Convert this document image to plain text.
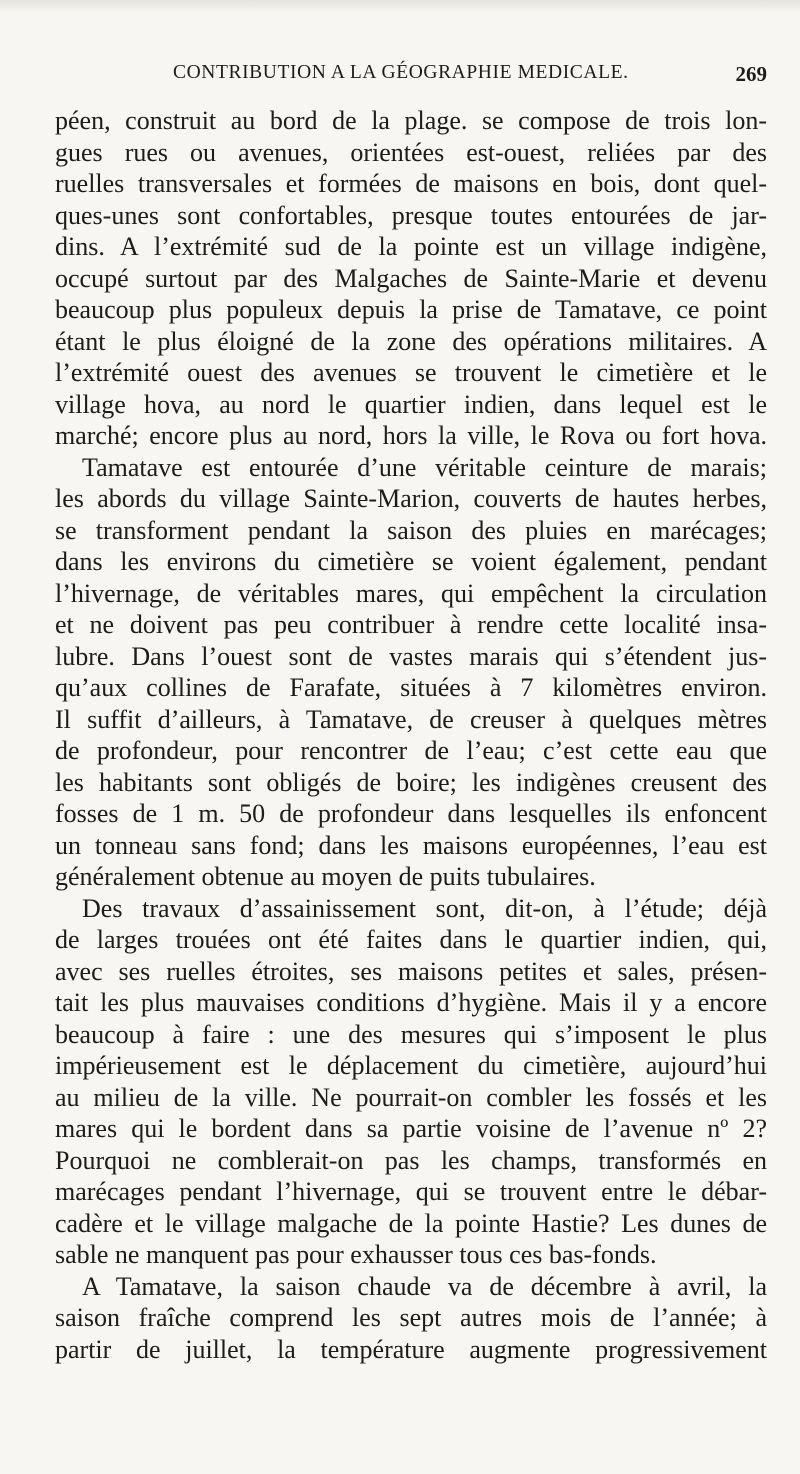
CONTRIBUTION A LA GÉOGRAPHIE MEDICALE.	269
péen, construit au bord de la plage. se compose de trois lon-
gues rues ou avenues, orientées est-ouest, reliées par des
ruelles transversales et formées de maisons en bois, dont quel-
ques-unes sont confortables, presque toutes entourées de jar-
dins. A l’extrémité sud de la pointe est un village indigène,
occupé surtout par des Malgaches de Sainte-Marie et devenu
beaucoup plus populeux depuis la prise de Tamatave, ce point
étant le plus éloigné de la zone des opérations militaires. A
l’extrémité ouest des avenues se trouvent le cimetière et le
village hova, au nord le quartier indien, dans lequel est le
marché; encore plus au nord, hors la ville, le Rova ou fort hova.
Tamatave est entourée d’une véritable ceinture de marais;
les abords du village Sainte-Marion, couverts de hautes herbes,
se transforment pendant la saison des pluies en marécages;
dans les environs du cimetière se voient également, pendant
l’hivernage, de véritables mares, qui empêchent la circulation
et ne doivent pas peu contribuer à rendre cette localité insa-
lubre. Dans l’ouest sont de vastes marais qui s’étendent jus-
qu’aux collines de Farafate, situées à 7 kilomètres environ.
Il suffit d’ailleurs, à Tamatave, de creuser à quelques mètres
de profondeur, pour rencontrer de l’eau; c’est cette eau que
les habitants sont obligés de boire; les indigènes creusent des
fosses de 1 m. 50 de profondeur dans lesquelles ils enfoncent
un tonneau sans fond; dans les maisons européennes, l’eau est
généralement obtenue au moyen de puits tubulaires.
Des travaux d’assainissement sont, dit-on, à l’étude; déjà
de larges trouées ont été faites dans le quartier indien, qui,
avec ses ruelles étroites, ses maisons petites et sales, présen-
tait les plus mauvaises conditions d’hygiène. Mais il y a encore
beaucoup à faire : une des mesures qui s’imposent le plus
impérieusement est le déplacement du cimetière, aujourd’hui
au milieu de la ville. Ne pourrait-on combler les fossés et les
mares qui le bordent dans sa partie voisine de l’avenue nº 2?
Pourquoi ne comblerait-on pas les champs, transformés en
marécages pendant l’hivernage, qui se trouvent entre le débar-
cadère et le village malgache de la pointe Hastie? Les dunes de
sable ne manquent pas pour exhausser tous ces bas-fonds.
A Tamatave, la saison chaude va de décembre à avril, la
saison fraîche comprend les sept autres mois de l’année; à
partir de juillet, la température augmente progressivement
